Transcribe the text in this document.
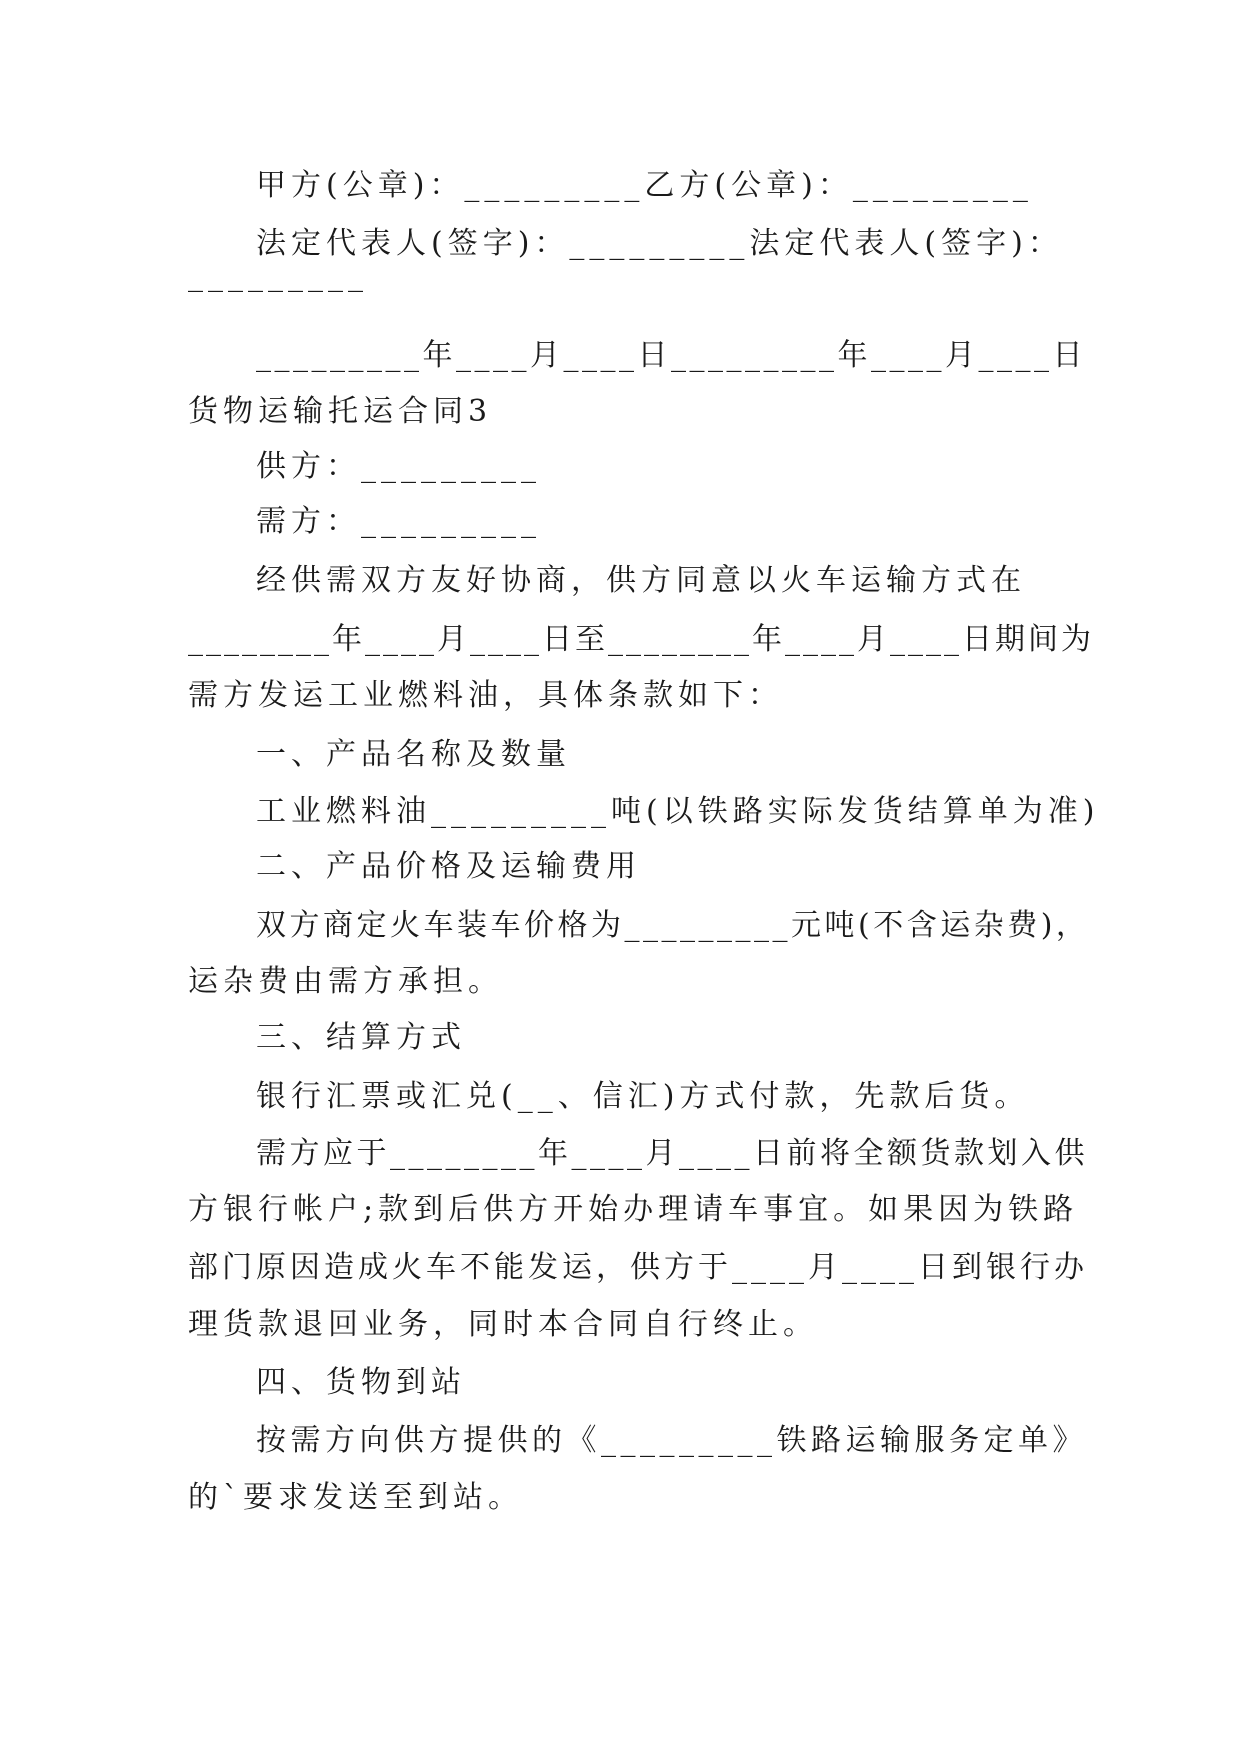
甲方(公章)：_________乙方(公章)：_________
法定代表人(签字)：_________法定代表人(签字)：
_________
_________年____月____日_________年____月____日
货物运输托运合同3
供方：_________
需方：_________
经供需双方友好协商，供方同意以火车运输方式在
________年____月____日至________年____月____日期间为
需方发运工业燃料油，具体条款如下：
一、产品名称及数量
工业燃料油_________吨(以铁路实际发货结算单为准)
二、产品价格及运输费用
双方商定火车装车价格为_________元吨(不含运杂费)，
运杂费由需方承担。
三、结算方式
银行汇票或汇兑(__、信汇)方式付款，先款后货。
需方应于________年____月____日前将全额货款划入供
方银行帐户;款到后供方开始办理请车事宜。如果因为铁路
部门原因造成火车不能发运，供方于____月____日到银行办
理货款退回业务，同时本合同自行终止。
四、货物到站
按需方向供方提供的《_________铁路运输服务定单》
的`要求发送至到站。
